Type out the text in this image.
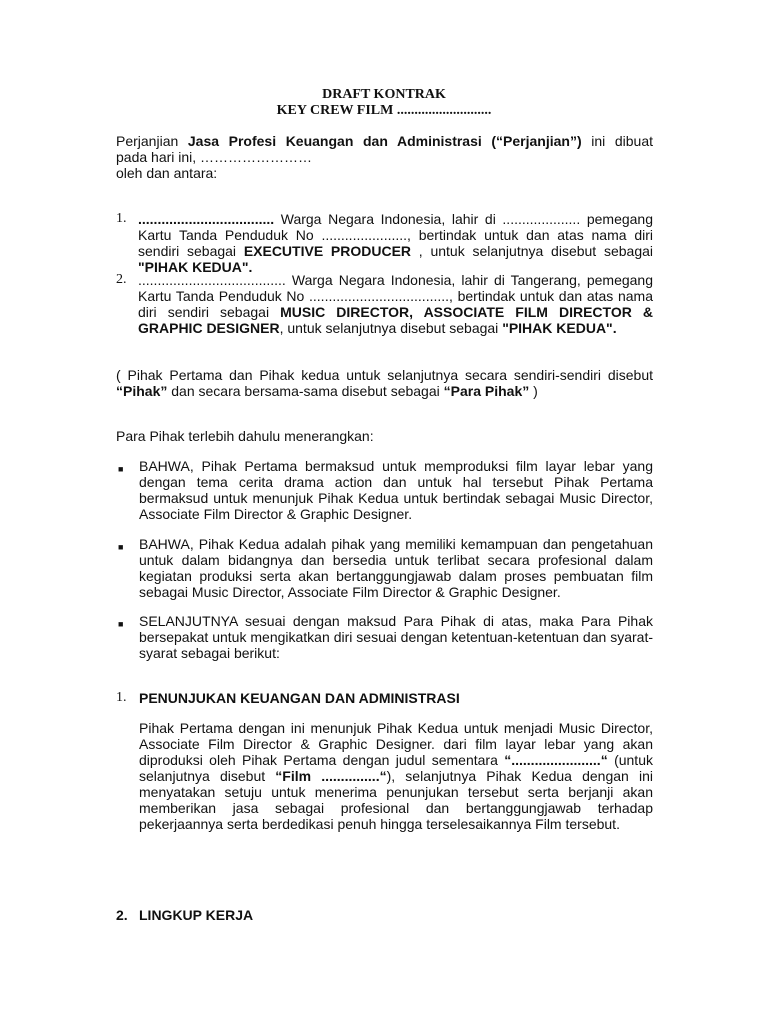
DRAFT KONTRAK
KEY CREW FILM ...........................
Perjanjian Jasa Profesi Keuangan dan Administrasi (“Perjanjian”) ini dibuat
pada hari ini, ……………………
oleh dan antara:
1. ................................... Warga Negara Indonesia, lahir di .................... pemegang Kartu Tanda Penduduk No ......................, bertindak untuk dan atas nama diri sendiri sebagai EXECUTIVE PRODUCER , untuk selanjutnya disebut sebagai "PIHAK KEDUA".
2. ...................................... Warga Negara Indonesia, lahir di Tangerang, pemegang Kartu Tanda Penduduk No ...................................., bertindak untuk dan atas nama diri sendiri sebagai MUSIC DIRECTOR, ASSOCIATE FILM DIRECTOR & GRAPHIC DESIGNER, untuk selanjutnya disebut sebagai "PIHAK KEDUA".
( Pihak Pertama dan Pihak kedua untuk selanjutnya secara sendiri-sendiri disebut “Pihak” dan secara bersama-sama disebut sebagai “Para Pihak” )
Para Pihak terlebih dahulu menerangkan:
■ BAHWA, Pihak Pertama bermaksud untuk memproduksi film layar lebar yang dengan tema cerita drama action dan untuk hal tersebut Pihak Pertama bermaksud untuk menunjuk Pihak Kedua untuk bertindak sebagai Music Director, Associate Film Director & Graphic Designer.
■ BAHWA, Pihak Kedua adalah pihak yang memiliki kemampuan dan pengetahuan untuk dalam bidangnya dan bersedia untuk terlibat secara profesional dalam kegiatan produksi serta akan bertanggungjawab dalam proses pembuatan film sebagai Music Director, Associate Film Director & Graphic Designer.
■ SELANJUTNYA sesuai dengan maksud Para Pihak di atas, maka Para Pihak bersepakat untuk mengikatkan diri sesuai dengan ketentuan-ketentuan dan syarat-syarat sebagai berikut:
1. PENUNJUKAN KEUANGAN DAN ADMINISTRASI
Pihak Pertama dengan ini menunjuk Pihak Kedua untuk menjadi Music Director, Associate Film Director & Graphic Designer. dari film layar lebar yang akan diproduksi oleh Pihak Pertama dengan judul sementara “.......................“ (untuk selanjutnya disebut “Film ...............“), selanjutnya Pihak Kedua dengan ini menyatakan setuju untuk menerima penunjukan tersebut serta berjanji akan memberikan jasa sebagai profesional dan bertanggungjawab terhadap pekerjaannya serta berdedikasi penuh hingga terselesaikannya Film tersebut.
2. LINGKUP KERJA
